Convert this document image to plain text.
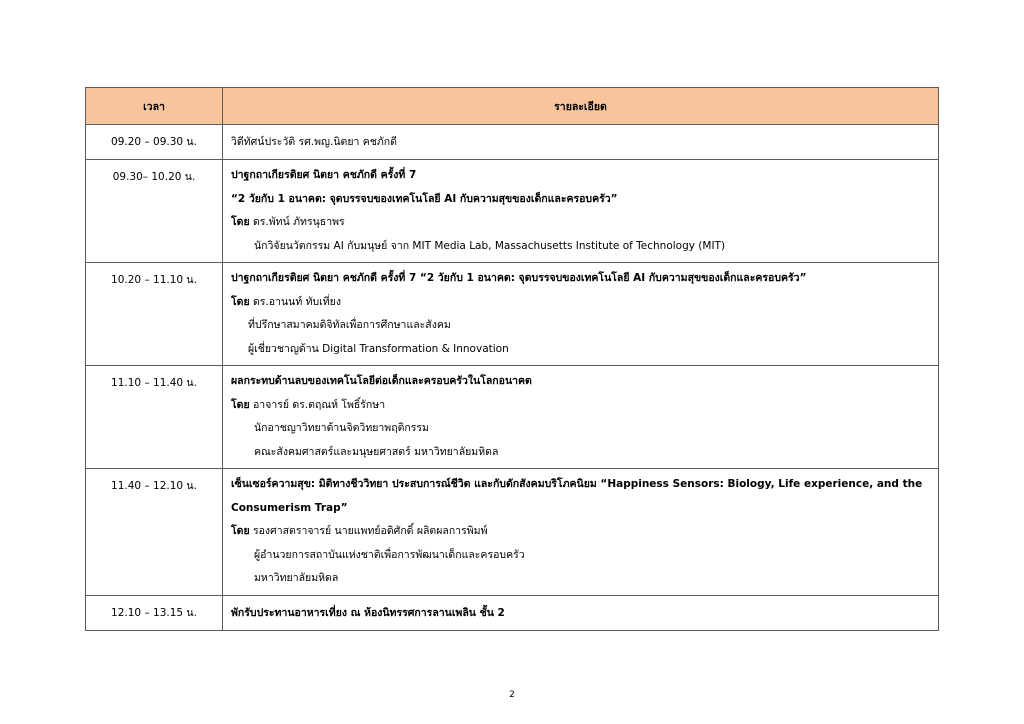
เวลา	รายละเอียด
09.20 – 09.30 น.	วิดีทัศน์ประวัติ รศ.พญ.นิตยา คชภักดี

09.30– 10.20 น.	ปาฐกถาเกียรติยศ นิตยา คชภักดี ครั้งที่ 7
“2 วัยกับ 1 อนาคต: จุดบรรจบของเทคโนโลยี AI กับความสุขของเด็กและครอบครัว”
โดย ดร.พัทน์ ภัทรนุธาพร
นักวิจัยนวัตกรรม AI กับมนุษย์ จาก MIT Media Lab, Massachusetts Institute of Technology (MIT)

10.20 – 11.10 น.	ปาฐกถาเกียรติยศ นิตยา คชภักดี ครั้งที่ 7 “2 วัยกับ 1 อนาคต: จุดบรรจบของเทคโนโลยี AI กับความสุขของเด็กและครอบครัว”
โดย ดร.อานนท์ ทับเที่ยง
ที่ปรึกษาสมาคมดิจิทัลเพื่อการศึกษาและสังคม
ผู้เชี่ยวชาญด้าน Digital Transformation & Innovation

11.10 – 11.40 น.	ผลกระทบด้านลบของเทคโนโลยีต่อเด็กและครอบครัวในโลกอนาคต
โดย อาจารย์ ดร.ตฤณห์ โพธิ์รักษา
นักอาชญาวิทยาด้านจิตวิทยาพฤติกรรม
คณะสังคมศาสตร์และมนุษยศาสตร์ มหาวิทยาลัยมหิดล

11.40 – 12.10 น.	เซ็นเซอร์ความสุข: มิติทางชีววิทยา ประสบการณ์ชีวิต และกับดักสังคมบริโภคนิยม “Happiness Sensors: Biology, Life experience, and the
Consumerism Trap”
โดย รองศาสตราจารย์ นายแพทย์อดิศักดิ์ ผลิตผลการพิมพ์
ผู้อำนวยการสถาบันแห่งชาติเพื่อการพัฒนาเด็กและครอบครัว
มหาวิทยาลัยมหิดล

12.10 – 13.15 น.	พักรับประทานอาหารเที่ยง ณ ห้องนิทรรศการลานเพลิน ชั้น 2
2
